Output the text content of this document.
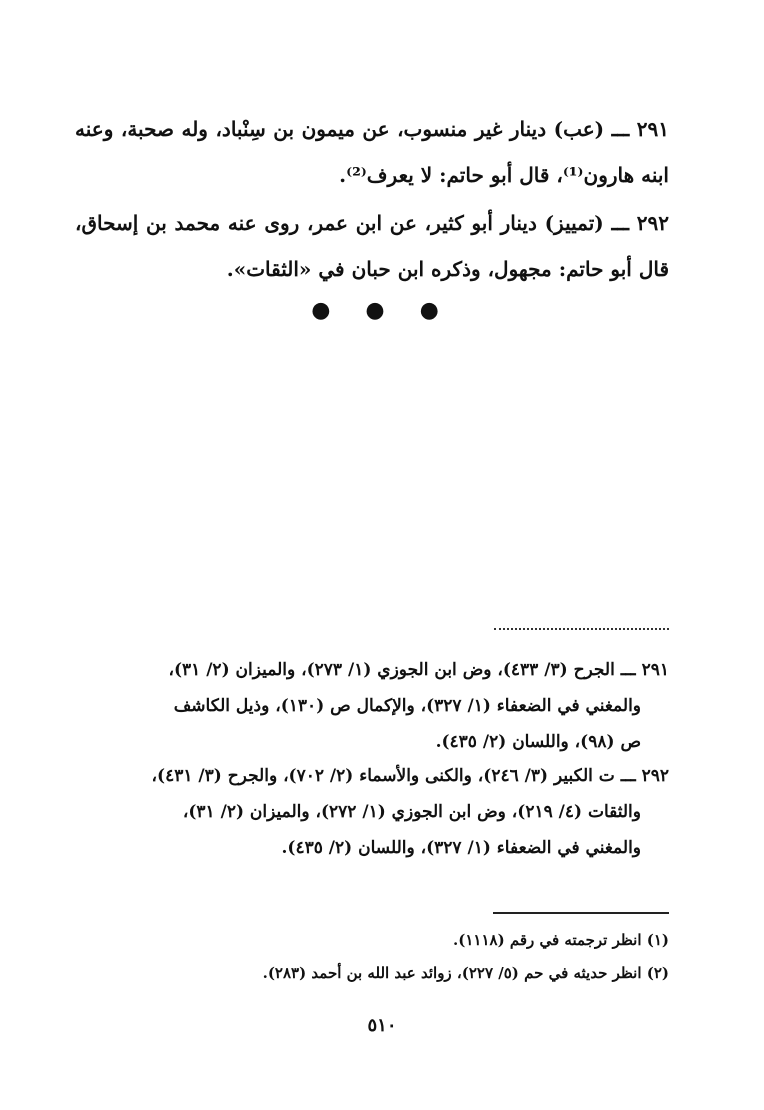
٢٩١ ـــ (عب) دينار غير منسوب، عن ميمون بن سِنْباد، وله صحبة، وعنه ابنه هارون⁽¹⁾، قال أبو حاتم: لا يعرف⁽²⁾.

٢٩٢ ـــ (تمييز) دينار أبو كثير، عن ابن عمر، روى عنه محمد بن إسحاق، قال أبو حاتم: مجهول، وذكره ابن حبان في «الثقات».

● ● ●
٢٩١ ـــ الجرح (٣/ ٤٣٣)، وض ابن الجوزي (١/ ٢٧٣)، والميزان (٢/ ٣١)،
والمغني في الضعفاء (١/ ٣٢٧)، والإكمال ص (١٣٠)، وذيل الكاشف
ص (٩٨)، واللسان (٢/ ٤٣٥).
٢٩٢ ـــ ت الكبير (٣/ ٢٤٦)، والكنى والأسماء (٢/ ٧٠٢)، والجرح (٣/ ٤٣١)،
والثقات (٤/ ٢١٩)، وض ابن الجوزي (١/ ٢٧٢)، والميزان (٢/ ٣١)،
والمغني في الضعفاء (١/ ٣٢٧)، واللسان (٢/ ٤٣٥).
(١) انظر ترجمته في رقم (١١١٨).
(٢) انظر حديثه في حم (٥/ ٢٢٧)، زوائد عبد الله بن أحمد (٢٨٣).
٥١٠
